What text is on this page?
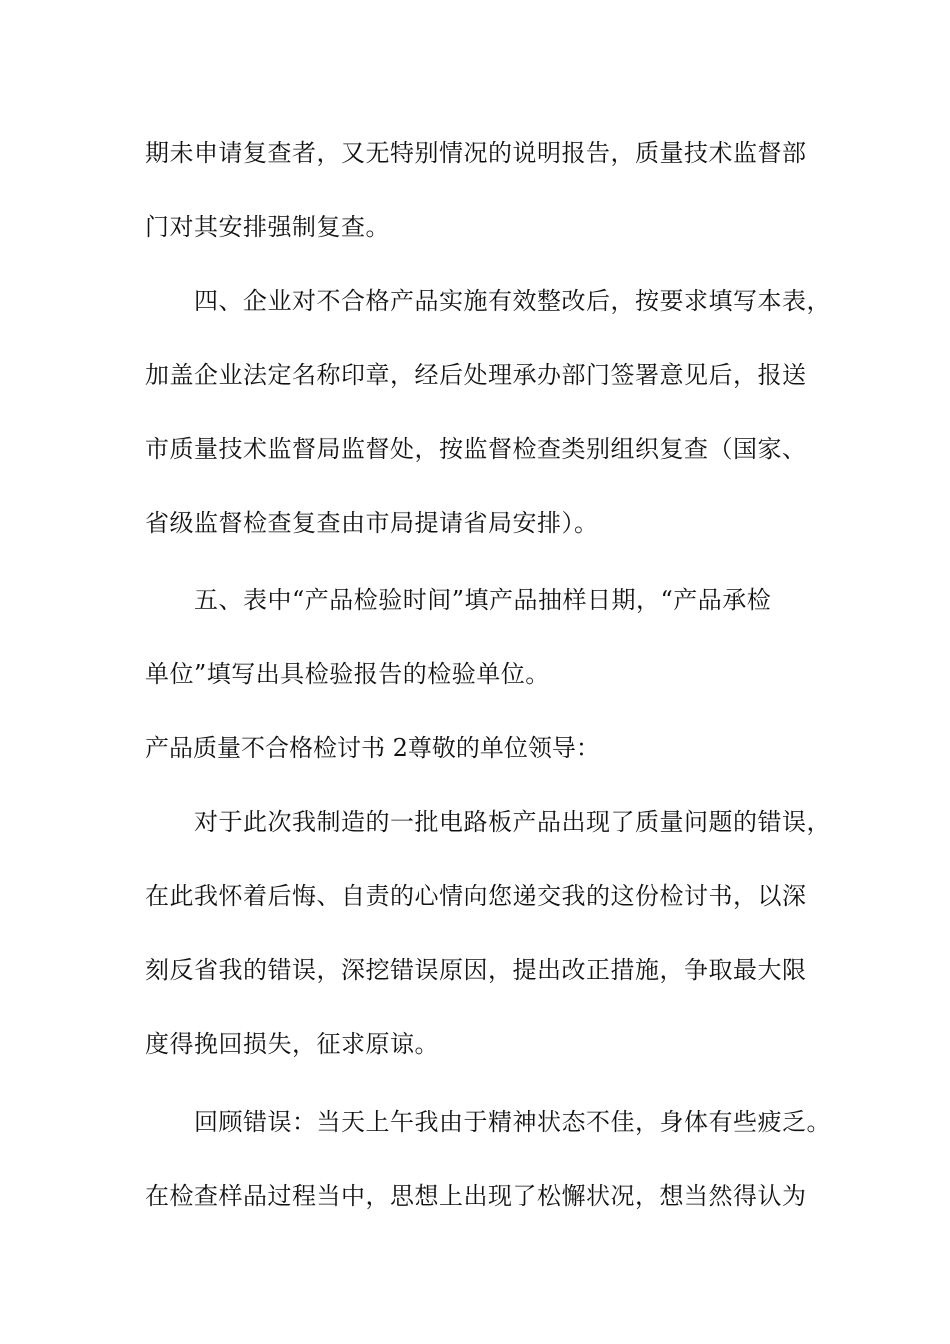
期未申请复查者，又无特别情况的说明报告，质量技术监督部
门对其安排强制复查。
四、企业对不合格产品实施有效整改后，按要求填写本表，
加盖企业法定名称印章，经后处理承办部门签署意见后，报送
市质量技术监督局监督处，按监督检查类别组织复查（国家、
省级监督检查复查由市局提请省局安排）。
五、表中“产品检验时间”填产品抽样日期，“产品承检
单位”填写出具检验报告的检验单位。
产品质量不合格检讨书 2尊敬的单位领导：
对于此次我制造的一批电路板产品出现了质量问题的错误，
在此我怀着后悔、自责的心情向您递交我的这份检讨书，以深
刻反省我的错误，深挖错误原因，提出改正措施，争取最大限
度得挽回损失，征求原谅。
回顾错误：当天上午我由于精神状态不佳，身体有些疲乏。
在检查样品过程当中，思想上出现了松懈状况，想当然得认为
